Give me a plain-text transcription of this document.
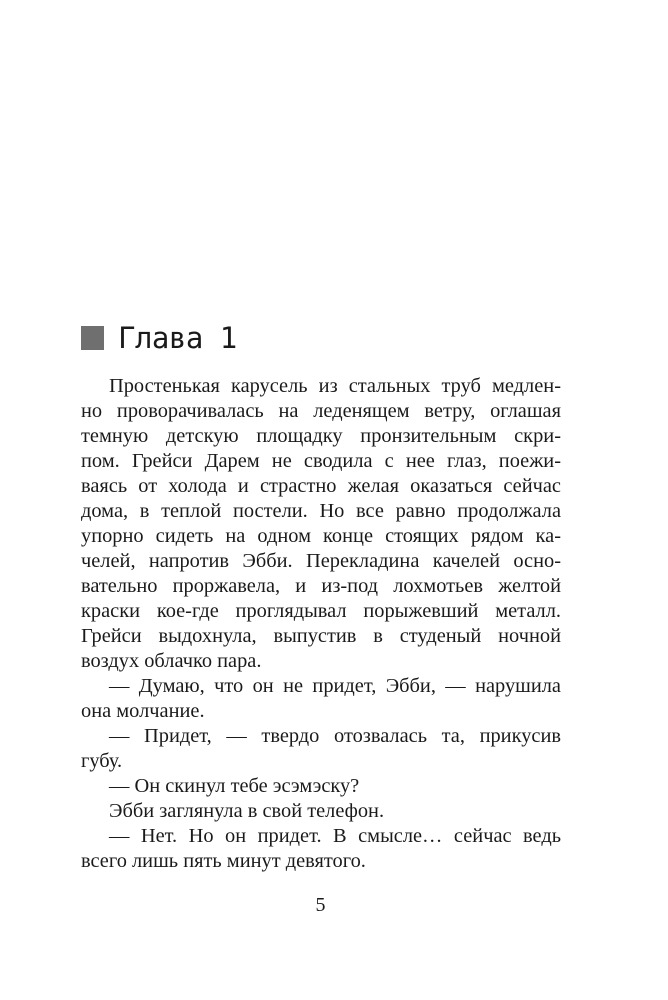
Глава 1
Простенькая карусель из стальных труб медлен-
но проворачивалась на леденящем ветру, оглашая
темную детскую площадку пронзительным скри-
пом. Грейси Дарем не сводила с нее глаз, поежи-
ваясь от холода и страстно желая оказаться сейчас
дома, в теплой постели. Но все равно продолжала
упорно сидеть на одном конце стоящих рядом ка-
челей, напротив Эбби. Перекладина качелей осно-
вательно проржавела, и из-под лохмотьев желтой
краски кое-где проглядывал порыжевший металл.
Грейси выдохнула, выпустив в студеный ночной
воздух облачко пара.
— Думаю, что он не придет, Эбби, — нарушила
она молчание.
— Придет, — твердо отозвалась та, прикусив
губу.
— Он скинул тебе эсэмэску?
Эбби заглянула в свой телефон.
— Нет. Но он придет. В смысле… сейчас ведь
всего лишь пять минут девятого.
5
